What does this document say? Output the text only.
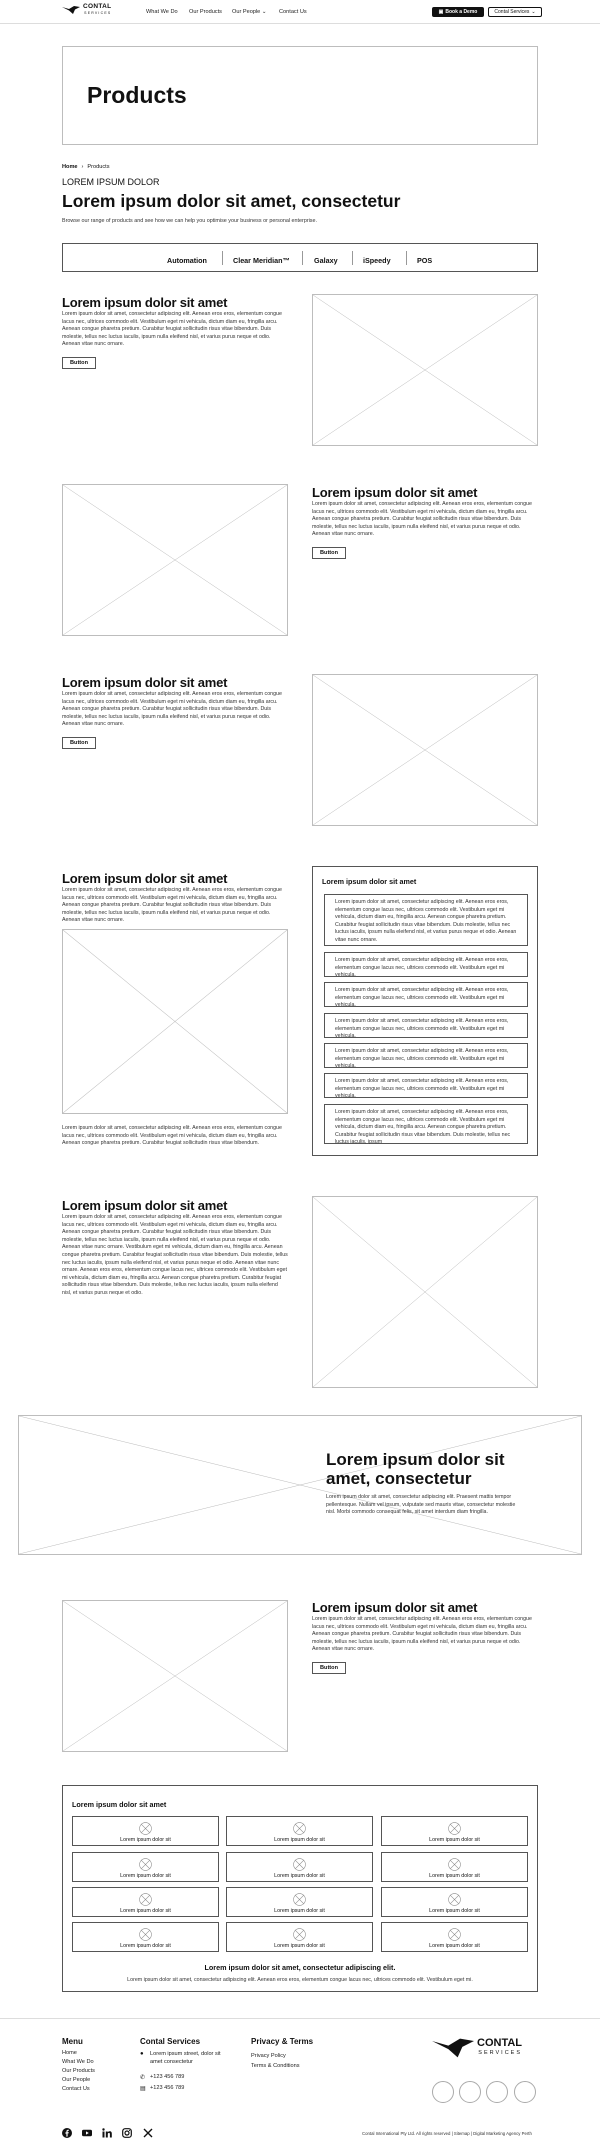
CONTAL
SERVICES	What We Do Our Products Our People ⌄ Contact Us	▣ Book a Demo	Contal Services ⌄
Products
Home › Products
LOREM IPSUM DOLOR
Lorem ipsum dolor sit amet, consectetur
Browse our range of products and see how we can help you optimise your business or personal enterprise.
Automation	Clear Meridian™	Galaxy	iSpeedy	POS
Lorem ipsum dolor sit amet
Lorem ipsum dolor sit amet, consectetur adipiscing elit. Aenean eros eros, elementum congue lacus nec, ultrices commodo elit. Vestibulum eget mi vehicula, dictum diam eu, fringilla arcu. Aenean congue pharetra pretium. Curabitur feugiat sollicitudin risus vitae bibendum. Duis molestie, tellus nec luctus iaculis, ipsum nulla eleifend nisl, et varius purus neque et odio. Aenean vitae nunc ornare.
Button
Lorem ipsum dolor sit amet
Lorem ipsum dolor sit amet, consectetur adipiscing elit. Aenean eros eros, elementum congue lacus nec, ultrices commodo elit. Vestibulum eget mi vehicula, dictum diam eu, fringilla arcu. Aenean congue pharetra pretium. Curabitur feugiat sollicitudin risus vitae bibendum. Duis molestie, tellus nec luctus iaculis, ipsum nulla eleifend nisl, et varius purus neque et odio. Aenean vitae nunc ornare.
Button
Lorem ipsum dolor sit amet
Lorem ipsum dolor sit amet, consectetur adipiscing elit. Aenean eros eros, elementum congue lacus nec, ultrices commodo elit. Vestibulum eget mi vehicula, dictum diam eu, fringilla arcu. Aenean congue pharetra pretium. Curabitur feugiat sollicitudin risus vitae bibendum. Duis molestie, tellus nec luctus iaculis, ipsum nulla eleifend nisl, et varius purus neque et odio. Aenean vitae nunc ornare.
Button
Lorem ipsum dolor sit amet
Lorem ipsum dolor sit amet, consectetur adipiscing elit. Aenean eros eros, elementum congue lacus nec, ultrices commodo elit. Vestibulum eget mi vehicula, dictum diam eu, fringilla arcu. Aenean congue pharetra pretium. Curabitur feugiat sollicitudin risus vitae bibendum. Duis molestie, tellus nec luctus iaculis, ipsum nulla eleifend nisl, et varius purus neque et odio. Aenean vitae nunc ornare.
Lorem ipsum dolor sit amet, consectetur adipiscing elit. Aenean eros eros, elementum congue lacus nec, ultrices commodo elit. Vestibulum eget mi vehicula, dictum diam eu, fringilla arcu. Aenean congue pharetra pretium. Curabitur feugiat sollicitudin risus vitae bibendum.
Lorem ipsum dolor sit amet
Lorem ipsum dolor sit amet, consectetur adipiscing elit. Aenean eros eros, elementum congue lacus nec, ultrices commodo elit. Vestibulum eget mi vehicula, dictum diam eu, fringilla arcu. Aenean congue pharetra pretium. Curabitur feugiat sollicitudin risus vitae bibendum. Duis molestie, tellus nec luctus iaculis, ipsum nulla eleifend nisl, et varius purus neque et odio. Aenean vitae nunc ornare.
Lorem ipsum dolor sit amet, consectetur adipiscing elit. Aenean eros eros, elementum congue lacus nec, ultrices commodo elit. Vestibulum eget mi vehicula.
Lorem ipsum dolor sit amet, consectetur adipiscing elit. Aenean eros eros, elementum congue lacus nec, ultrices commodo elit. Vestibulum eget mi vehicula.
Lorem ipsum dolor sit amet, consectetur adipiscing elit. Aenean eros eros, elementum congue lacus nec, ultrices commodo elit. Vestibulum eget mi vehicula.
Lorem ipsum dolor sit amet, consectetur adipiscing elit. Aenean eros eros, elementum congue lacus nec, ultrices commodo elit. Vestibulum eget mi vehicula.
Lorem ipsum dolor sit amet, consectetur adipiscing elit. Aenean eros eros, elementum congue lacus nec, ultrices commodo elit. Vestibulum eget mi vehicula.
Lorem ipsum dolor sit amet, consectetur adipiscing elit. Aenean eros eros, elementum congue lacus nec, ultrices commodo elit. Vestibulum eget mi vehicula, dictum diam eu, fringilla arcu. Aenean congue pharetra pretium. Curabitur feugiat sollicitudin risus vitae bibendum. Duis molestie, tellus nec luctus iaculis, ipsum
Lorem ipsum dolor sit amet
Lorem ipsum dolor sit amet, consectetur adipiscing elit. Aenean eros eros, elementum congue lacus nec, ultrices commodo elit. Vestibulum eget mi vehicula, dictum diam eu, fringilla arcu. Aenean congue pharetra pretium. Curabitur feugiat sollicitudin risus vitae bibendum. Duis molestie, tellus nec luctus iaculis, ipsum nulla eleifend nisl, et varius purus neque et odio. Aenean vitae nunc ornare. Vestibulum eget mi vehicula, dictum diam eu, fringilla arcu. Aenean congue pharetra pretium. Curabitur feugiat sollicitudin risus vitae bibendum. Duis molestie, tellus nec luctus iaculis, ipsum nulla eleifend nisl, et varius purus neque et odio. Aenean vitae nunc ornare. Aenean eros eros, elementum congue lacus nec, ultrices commodo elit. Vestibulum eget mi vehicula, dictum diam eu, fringilla arcu. Aenean congue pharetra pretium. Curabitur feugiat sollicitudin risus vitae bibendum. Duis molestie, tellus nec luctus iaculis, ipsum nulla eleifend nisl, et varius purus neque et odio.
Lorem ipsum dolor sit amet, consectetur
Lorem ipsum dolor sit amet, consectetur adipiscing elit. Praesent mattis tempor pellentesque. Nullam vel ipsum, vulputate sed mauris vitae, consectetur molestie nisl. Morbi commodo consequat felis, sit amet interdum diam fringilla.
Lorem ipsum dolor sit amet
Lorem ipsum dolor sit amet, consectetur adipiscing elit. Aenean eros eros, elementum congue lacus nec, ultrices commodo elit. Vestibulum eget mi vehicula, dictum diam eu, fringilla arcu. Aenean congue pharetra pretium. Curabitur feugiat sollicitudin risus vitae bibendum. Duis molestie, tellus nec luctus iaculis, ipsum nulla eleifend nisl, et varius purus neque et odio. Aenean vitae nunc ornare.
Button
Lorem ipsum dolor sit amet
Lorem ipsum dolor sit	Lorem ipsum dolor sit	Lorem ipsum dolor sit
Lorem ipsum dolor sit	Lorem ipsum dolor sit	Lorem ipsum dolor sit
Lorem ipsum dolor sit	Lorem ipsum dolor sit	Lorem ipsum dolor sit
Lorem ipsum dolor sit	Lorem ipsum dolor sit	Lorem ipsum dolor sit
Lorem ipsum dolor sit amet, consectetur adipiscing elit.
Lorem ipsum dolor sit amet, consectetur adipiscing elit. Aenean eros eros, elementum congue lacus nec, ultrices commodo elit. Vestibulum eget mi.
Menu
Home
What We Do
Our Products
Our People
Contact Us
Contal Services
● Lorem ipsum street, dolor sit amet consectetur
✆ +123 456 789
▤ +123 456 789
Privacy & Terms
Privacy Policy
Terms & Conditions
CONTAL
SERVICES
Contal International Pty Ltd. All rights reserved | Sitemap | Digital Marketing Agency Perth
